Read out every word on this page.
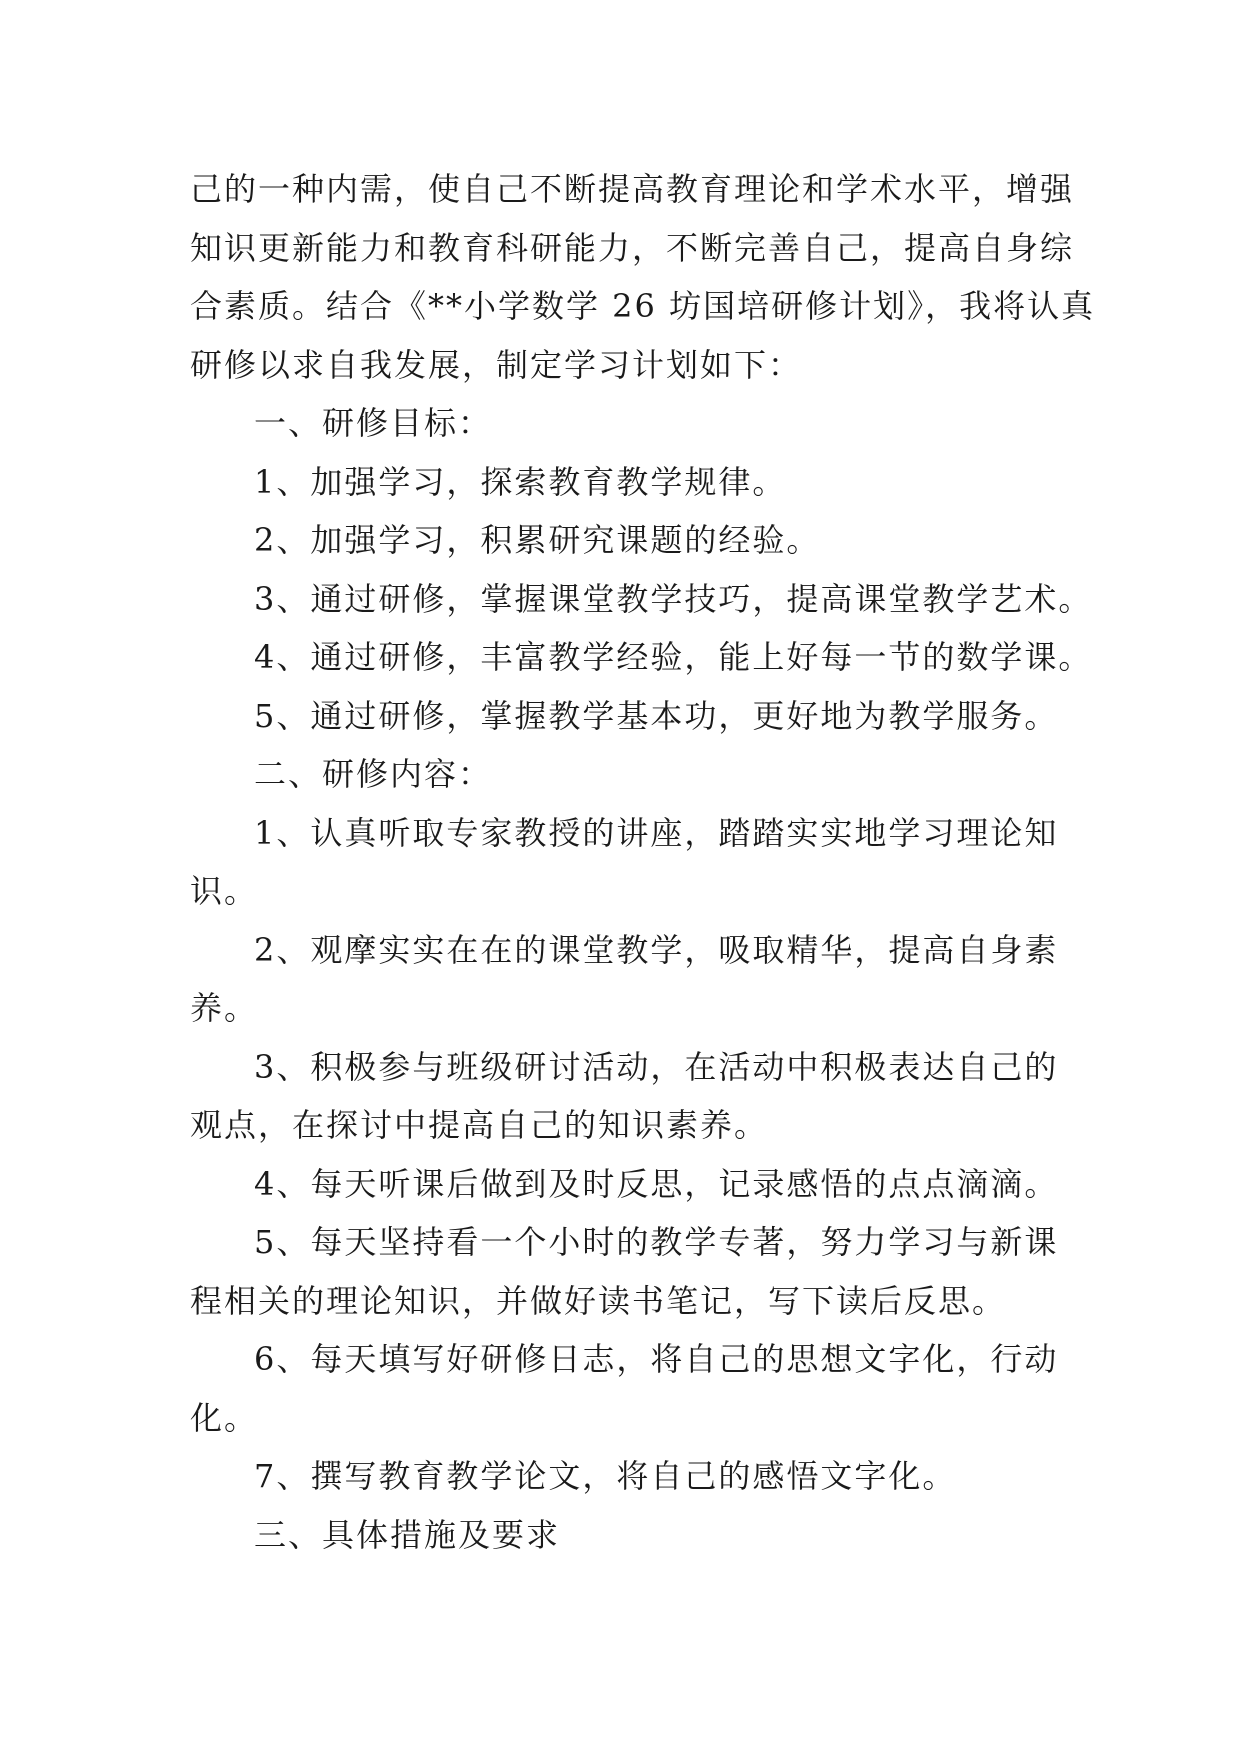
己的一种内需，使自己不断提高教育理论和学术水平，增强
知识更新能力和教育科研能力，不断完善自己，提高自身综
合素质。结合《**小学数学 26 坊国培研修计划》，我将认真
研修以求自我发展，制定学习计划如下：
一、研修目标：
1、加强学习，探索教育教学规律。
2、加强学习，积累研究课题的经验。
3、通过研修，掌握课堂教学技巧，提高课堂教学艺术。
4、通过研修，丰富教学经验，能上好每一节的数学课。
5、通过研修，掌握教学基本功，更好地为教学服务。
二、研修内容：
1、认真听取专家教授的讲座，踏踏实实地学习理论知
识。
2、观摩实实在在的课堂教学，吸取精华，提高自身素
养。
3、积极参与班级研讨活动，在活动中积极表达自己的
观点，在探讨中提高自己的知识素养。
4、每天听课后做到及时反思，记录感悟的点点滴滴。
5、每天坚持看一个小时的教学专著，努力学习与新课
程相关的理论知识，并做好读书笔记，写下读后反思。
6、每天填写好研修日志，将自己的思想文字化，行动
化。
7、撰写教育教学论文，将自己的感悟文字化。
三、具体措施及要求
